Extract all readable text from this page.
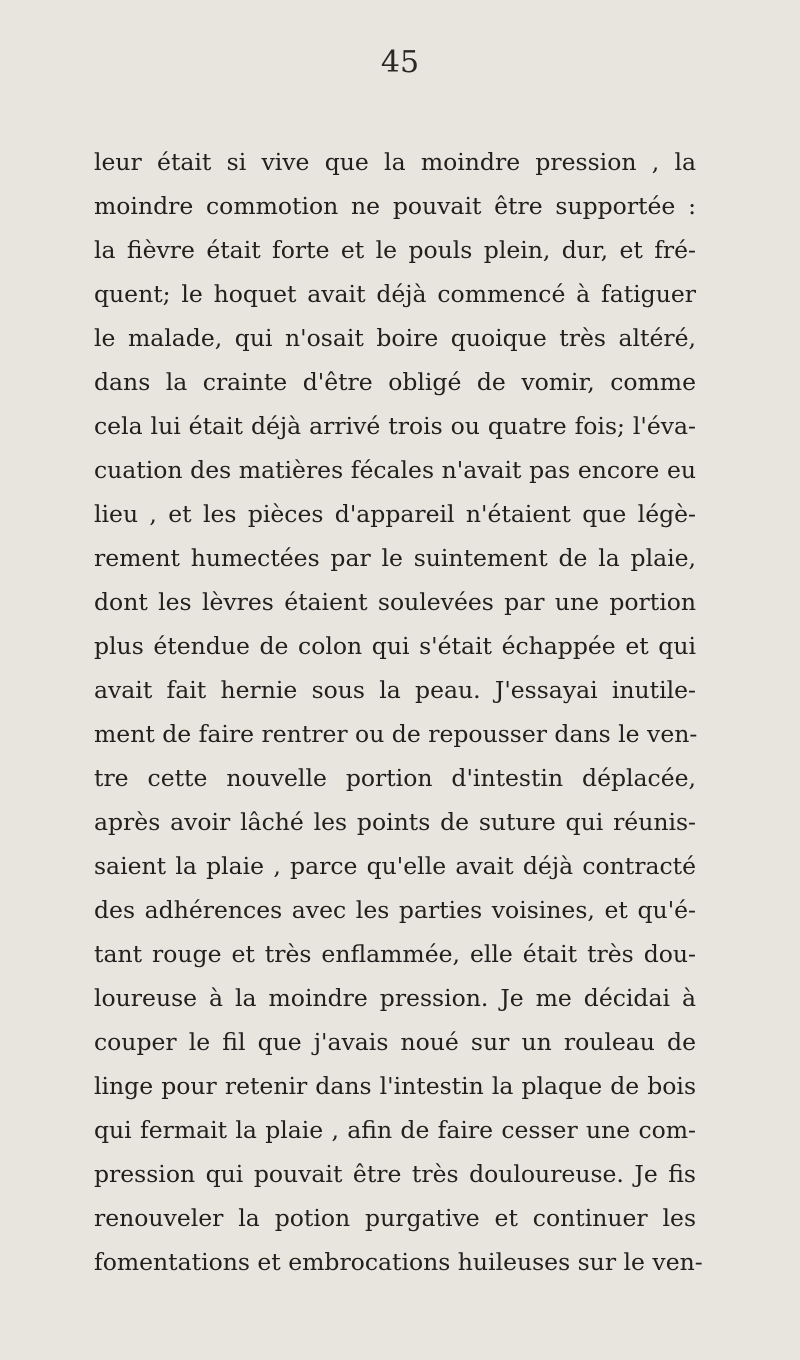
45
leur était si vive que la moindre pression , la
moindre commotion ne pouvait être supportée :
la fièvre était forte et le pouls plein, dur, et fré-
quent; le hoquet avait déjà commencé à fatiguer
le malade, qui n'osait boire quoique très altéré,
dans la crainte d'être obligé de vomir, comme
cela lui était déjà arrivé trois ou quatre fois; l'éva-
cuation des matières fécales n'avait pas encore eu
lieu , et les pièces d'appareil n'étaient que légè-
rement humectées par le suintement de la plaie,
dont les lèvres étaient soulevées par une portion
plus étendue de colon qui s'était échappée et qui
avait fait hernie sous la peau. J'essayai inutile-
ment de faire rentrer ou de repousser dans le ven-
tre cette nouvelle portion d'intestin déplacée,
après avoir lâché les points de suture qui réunis-
saient la plaie , parce qu'elle avait déjà contracté
des adhérences avec les parties voisines, et qu'é-
tant rouge et très enflammée, elle était très dou-
loureuse à la moindre pression. Je me décidai à
couper le fil que j'avais noué sur un rouleau de
linge pour retenir dans l'intestin la plaque de bois
qui fermait la plaie , afin de faire cesser une com-
pression qui pouvait être très douloureuse. Je fis
renouveler la potion purgative et continuer les
fomentations et embrocations huileuses sur le ven-
